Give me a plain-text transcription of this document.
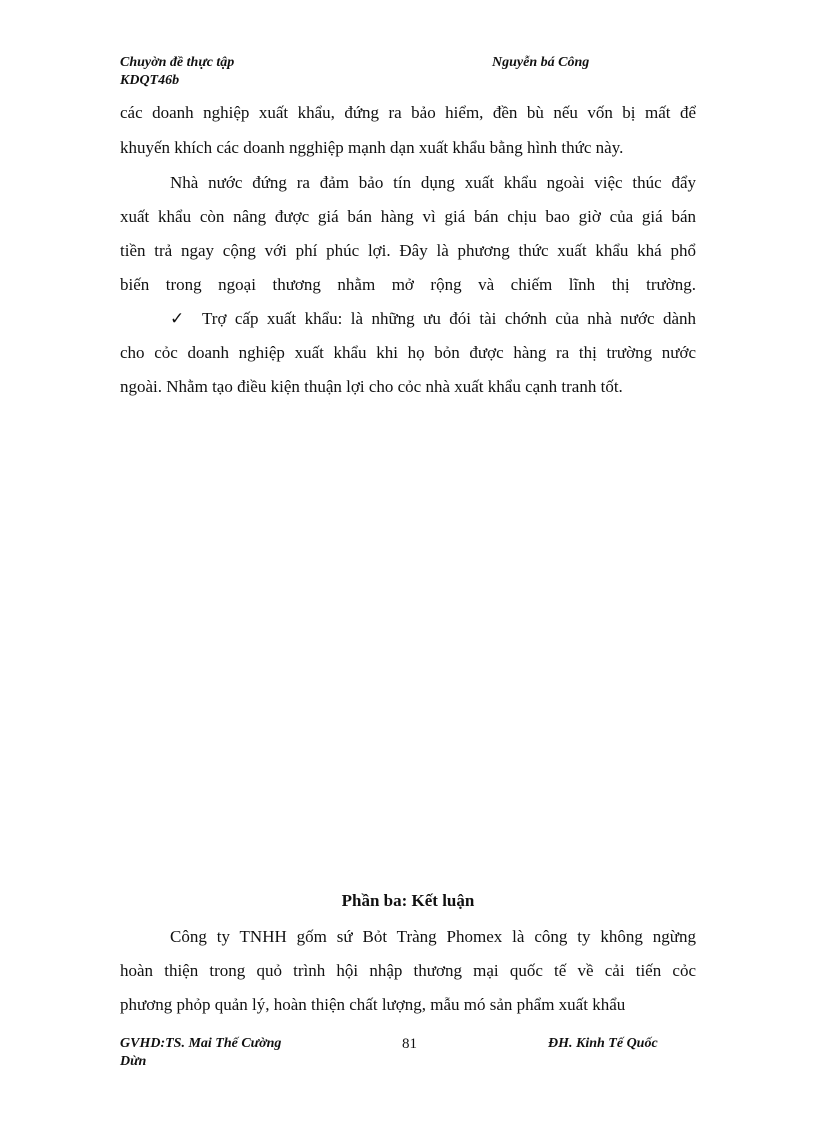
Chuyờn đề thực tập
KDQT46b
Nguyễn bá Công
các doanh nghiệp xuất khẩu, đứng ra bảo hiểm, đền bù nếu vốn bị mất để
khuyến khích các doanh ngghiệp mạnh dạn xuất khẩu bằng hình thức này.
Nhà nước đứng ra đảm bảo tín dụng xuất khẩu ngoài việc thúc đẩy
xuất khẩu còn nâng được giá bán hàng vì giá bán chịu bao giờ của giá bán
tiền trả ngay cộng với phí phúc lợi. Đây là phương thức xuất khẩu khá phổ
biến trong ngoại thương nhằm mở rộng và chiếm lĩnh thị trường.
✓ Trợ cấp xuất khẩu: là những ưu đói tài chớnh của nhà nước dành
cho cỏc doanh nghiệp xuất khẩu khi họ bỏn được hàng ra thị trường nước
ngoài. Nhằm tạo điều kiện thuận lợi cho cỏc nhà xuất khẩu cạnh tranh tốt.
Phần ba: Kết luận
Công ty TNHH gốm sứ Bỏt Tràng Phomex là công ty không ngừng
hoàn thiện trong quỏ trình hội nhập thương mại quốc tế về cải tiến cỏc
phương phỏp quản lý, hoàn thiện chất lượng, mẫu mó sản phẩm xuất khẩu
GVHD:TS. Mai Thế Cường
Dừn
81	ĐH. Kinh Tế Quốc
